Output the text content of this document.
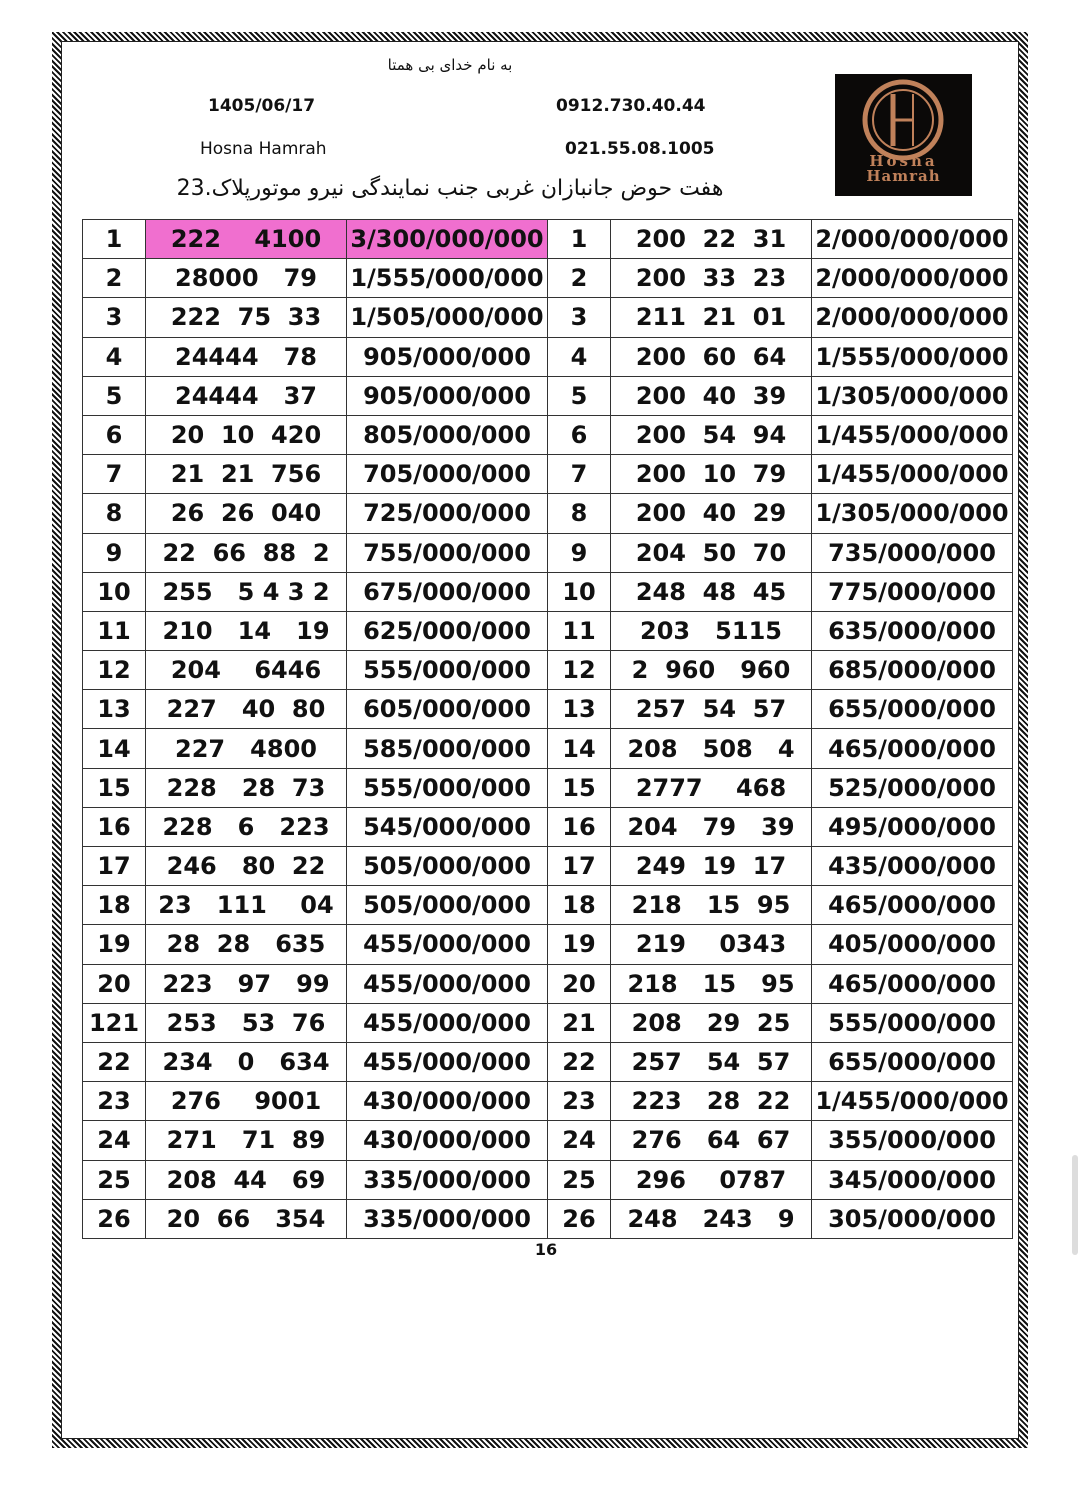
به نام خدای بی همتا
1405/06/17	0912.730.40.44
Hosna Hamrah	021.55.08.1005
Hosna
Hamrah
هفت حوض جانبازان غربی جنب نمایندگی نیرو موتورپلاک.23
1	222    4100	3/300/000/000	1	200  22  31	2/000/000/000
2	28000   79	1/555/000/000	2	200  33  23	2/000/000/000
3	222  75  33	1/505/000/000	3	211  21  01	2/000/000/000
4	24444   78	905/000/000	4	200  60  64	1/555/000/000
5	24444   37	905/000/000	5	200  40  39	1/305/000/000
6	20  10  420	805/000/000	6	200  54  94	1/455/000/000
7	21  21  756	705/000/000	7	200  10  79	1/455/000/000
8	26  26  040	725/000/000	8	200  40  29	1/305/000/000
9	22  66  88  2	755/000/000	9	204  50  70	735/000/000
10	255   5 4 3 2	675/000/000	10	248  48  45	775/000/000
11	210   14   19	625/000/000	11	203   5115	635/000/000
12	204    6446	555/000/000	12	2  960   960	685/000/000
13	227   40  80	605/000/000	13	257  54  57	655/000/000
14	227   4800	585/000/000	14	208   508   4	465/000/000
15	228   28  73	555/000/000	15	2777    468	525/000/000
16	228   6   223	545/000/000	16	204   79   39	495/000/000
17	246   80  22	505/000/000	17	249  19  17	435/000/000
18	23   111    04	505/000/000	18	218   15  95	465/000/000
19	28  28   635	455/000/000	19	219    0343	405/000/000
20	223   97   99	455/000/000	20	218   15   95	465/000/000
121	253   53  76	455/000/000	21	208   29  25	555/000/000
22	234   0   634	455/000/000	22	257   54  57	655/000/000
23	276    9001	430/000/000	23	223   28  22	1/455/000/000
24	271   71  89	430/000/000	24	276   64  67	355/000/000
25	208  44   69	335/000/000	25	296    0787	345/000/000
26	20  66   354	335/000/000	26	248   243   9	305/000/000
16
